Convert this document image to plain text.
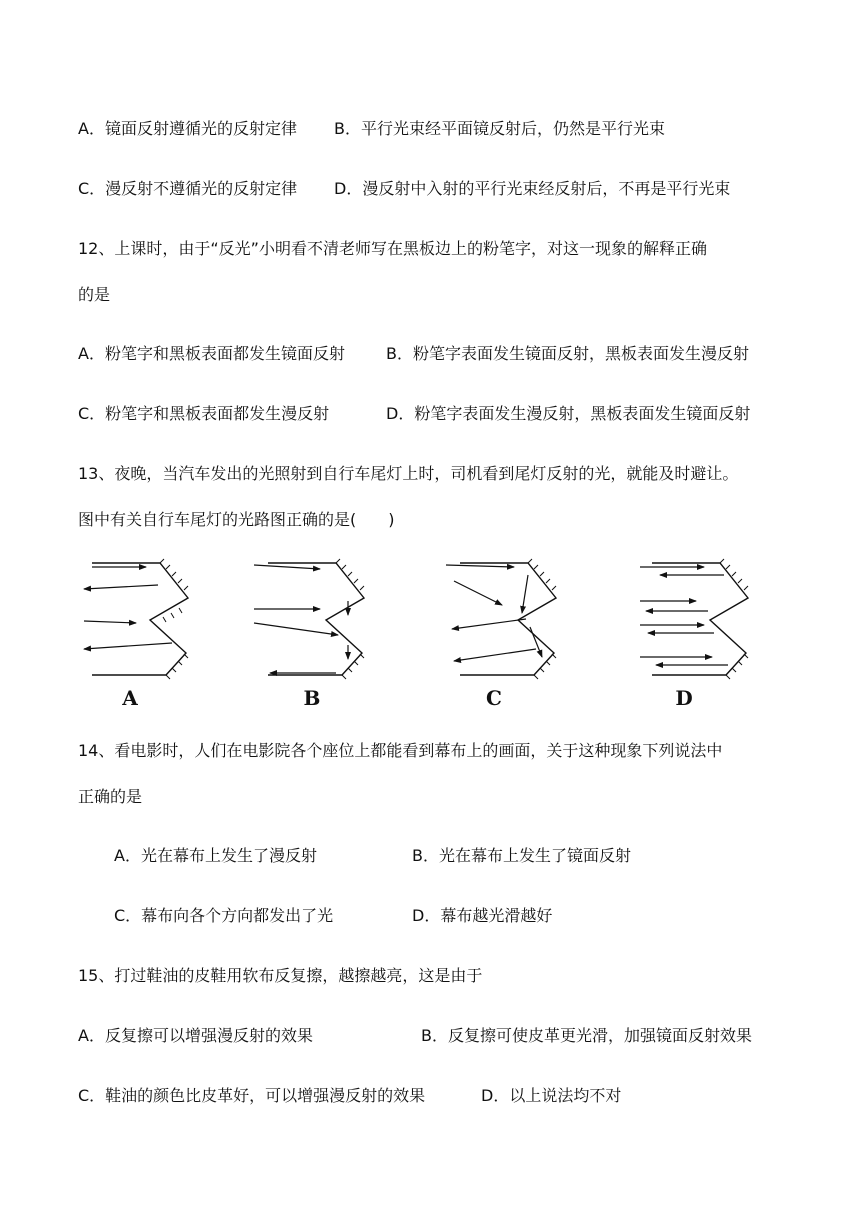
A．镜面反射遵循光的反射定律 B．平行光束经平面镜反射后，仍然是平行光束
C．漫反射不遵循光的反射定律 D．漫反射中入射的平行光束经反射后，不再是平行光束
12、上课时，由于“反光”小明看不清老师写在黑板边上的粉笔字，对这一现象的解释正确
的是
A．粉笔字和黑板表面都发生镜面反射	B．粉笔字表面发生镜面反射，黑板表面发生漫反射
C．粉笔字和黑板表面都发生漫反射	D．粉笔字表面发生漫反射，黑板表面发生镜面反射
13、夜晚，当汽车发出的光照射到自行车尾灯上时，司机看到尾灯反射的光，就能及时避让。
图中有关自行车尾灯的光路图正确的是(　　)
A	B	C	D
14、看电影时，人们在电影院各个座位上都能看到幕布上的画面，关于这种现象下列说法中
正确的是
A．光在幕布上发生了漫反射	B．光在幕布上发生了镜面反射
C．幕布向各个方向都发出了光	D．幕布越光滑越好
15、打过鞋油的皮鞋用软布反复擦，越擦越亮，这是由于
A．反复擦可以增强漫反射的效果	B．反复擦可使皮革更光滑，加强镜面反射效果
C．鞋油的颜色比皮革好，可以增强漫反射的效果	D．以上说法均不对
